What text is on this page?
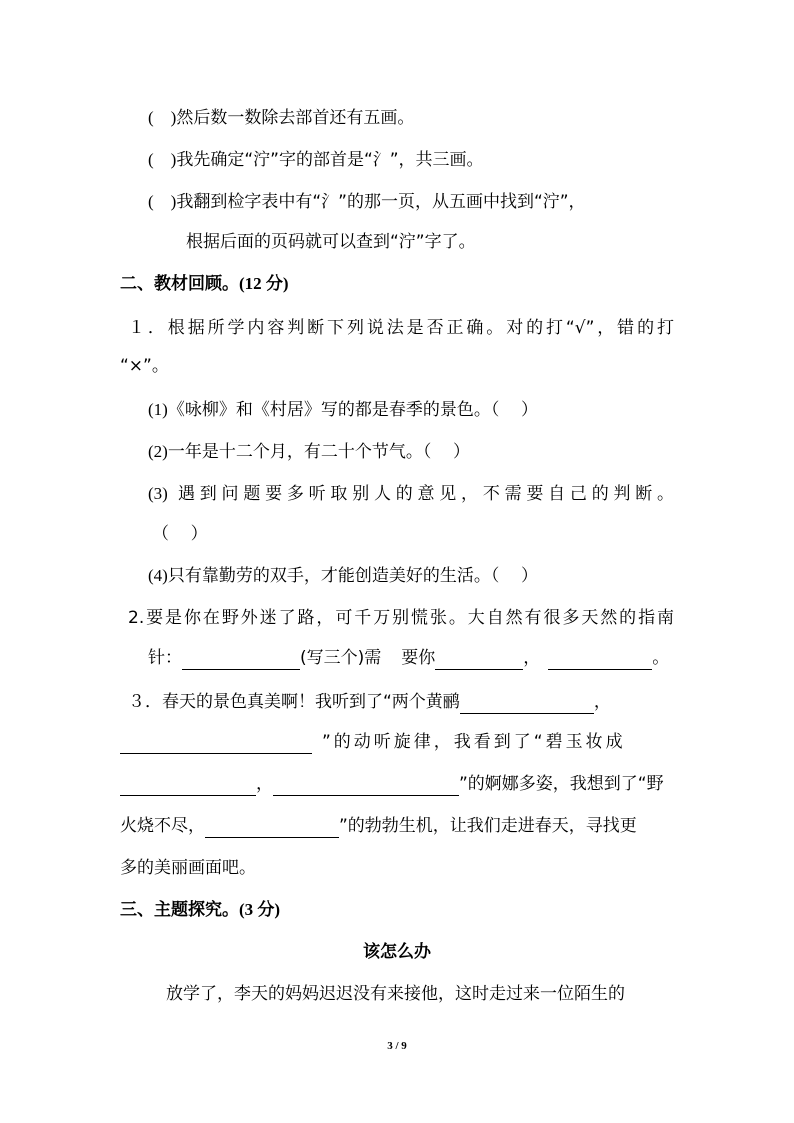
(    )然后数一数除去部首还有五画。
(    )我先确定“泞”字的部首是“氵”，共三画。
(    )我翻到检字表中有“氵”的那一页，从五画中找到“泞”，
根据后面的页码就可以查到“泞”字了。
二、教材回顾。(12 分)
１．根据所学内容判断下列说法是否正确。对的打“√”，错的打
“×”。
(1)《咏柳》和《村居》写的都是春季的景色。（    ）
(2)一年是十二个月，有二十个节气。（    ）
(3) 遇到问题要多听取别人的意见，不需要自己的判断。
（    ）
(4)只有靠勤劳的双手，才能创造美好的生活。（    ）
2.要是你在野外迷了路，可千万别慌张。大自然有很多天然的指南
针：	(写三个)需 要你	，	。
３．春天的景色真美啊！我听到了“两个黄鹂	，
”的动听旋律，我看到了“碧玉妆成
，	”的婀娜多姿，我想到了“野
火烧不尽，	”的勃勃生机，让我们走进春天，寻找更
多的美丽画面吧。
三、主题探究。(3 分)
该怎么办
放学了，李天的妈妈迟迟没有来接他，这时走过来一位陌生的
3 / 9
